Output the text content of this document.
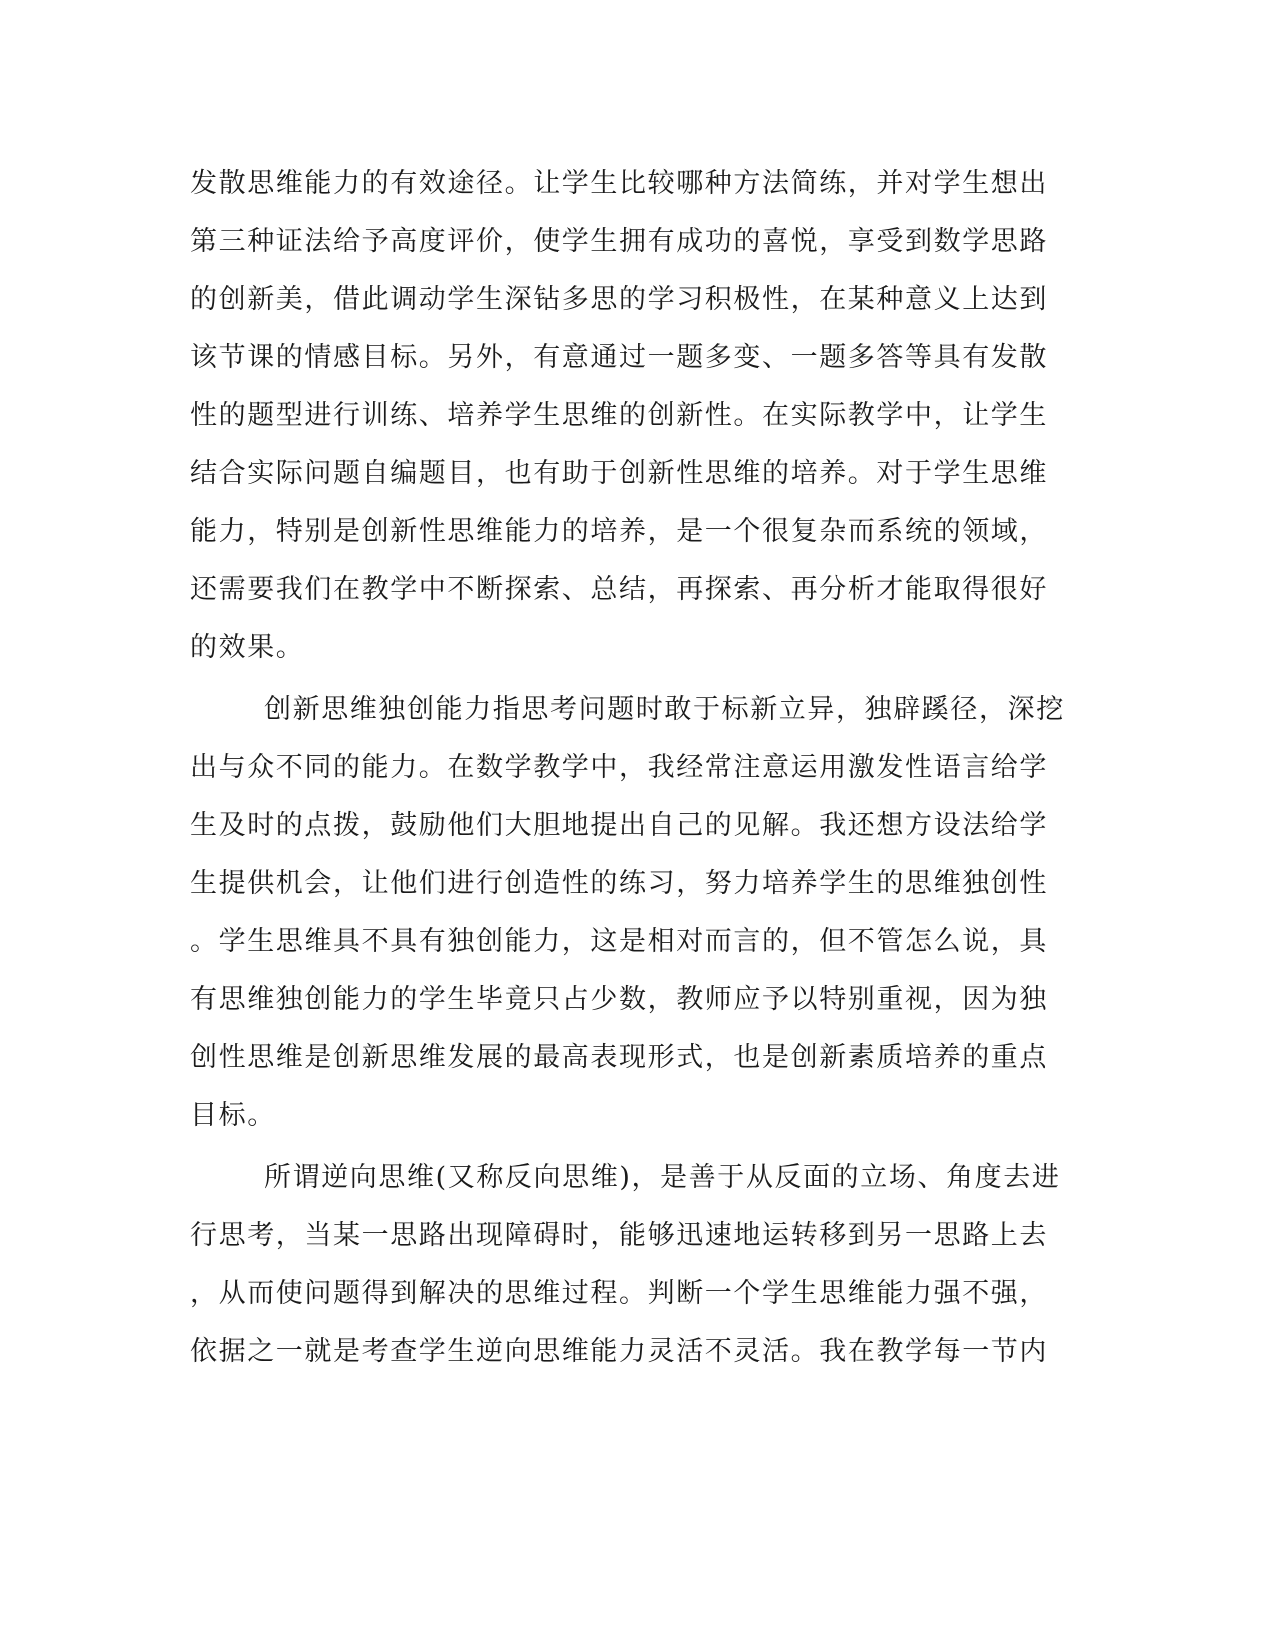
发散思维能力的有效途径。让学生比较哪种方法简练，并对学生想出
第三种证法给予高度评价，使学生拥有成功的喜悦，享受到数学思路
的创新美，借此调动学生深钻多思的学习积极性，在某种意义上达到
该节课的情感目标。另外，有意通过一题多变、一题多答等具有发散
性的题型进行训练、培养学生思维的创新性。在实际教学中，让学生
结合实际问题自编题目，也有助于创新性思维的培养。对于学生思维
能力，特别是创新性思维能力的培养，是一个很复杂而系统的领域，
还需要我们在教学中不断探索、总结，再探索、再分析才能取得很好
的效果。
创新思维独创能力指思考问题时敢于标新立异，独辟蹊径，深挖
出与众不同的能力。在数学教学中，我经常注意运用激发性语言给学
生及时的点拨，鼓励他们大胆地提出自己的见解。我还想方设法给学
生提供机会，让他们进行创造性的练习，努力培养学生的思维独创性
。学生思维具不具有独创能力，这是相对而言的，但不管怎么说，具
有思维独创能力的学生毕竟只占少数，教师应予以特别重视，因为独
创性思维是创新思维发展的最高表现形式，也是创新素质培养的重点
目标。
所谓逆向思维(又称反向思维)，是善于从反面的立场、角度去进
行思考，当某一思路出现障碍时，能够迅速地运转移到另一思路上去
，从而使问题得到解决的思维过程。判断一个学生思维能力强不强，
依据之一就是考查学生逆向思维能力灵活不灵活。我在教学每一节内
